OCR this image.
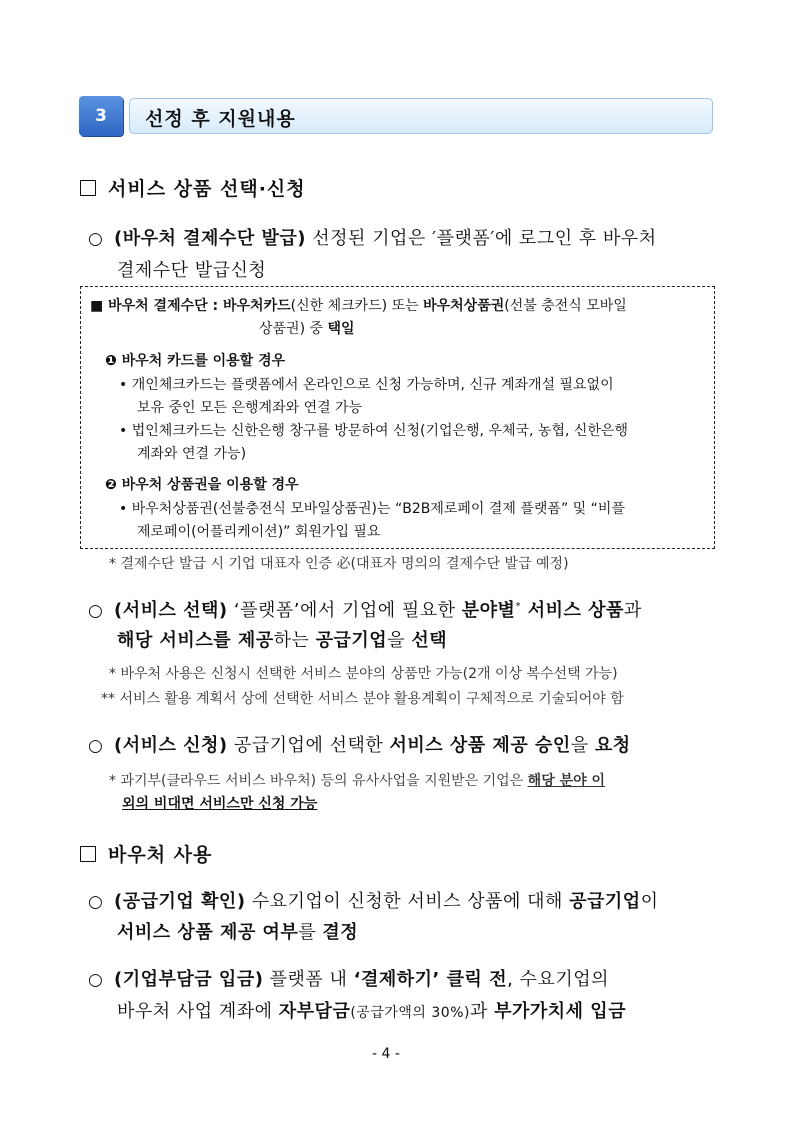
3 선정 후 지원내용
서비스 상품 선택·신청
○ (바우처 결제수단 발급) 선정된 기업은 ′플랫폼′에 로그인 후 바우처
결제수단 발급신청
■ 바우처 결제수단 : 바우처카드(신한 체크카드) 또는 바우처상품권(선불 충전식 모바일
상품권) 중 택일
❶ 바우처 카드를 이용할 경우
• 개인체크카드는 플랫폼에서 온라인으로 신청 가능하며, 신규 계좌개설 필요없이
보유 중인 모든 은행계좌와 연결 가능
• 법인체크카드는 신한은행 창구를 방문하여 신청(기업은행, 우체국, 농협, 신한은행
계좌와 연결 가능)
❷ 바우처 상품권을 이용할 경우
• 바우처상품권(선불충전식 모바일상품권)는 “B2B제로페이 결제 플랫폼” 및 “비플
제로페이(어플리케이션)” 회원가입 필요
* 결제수단 발급 시 기업 대표자 인증 必(대표자 명의의 결제수단 발급 예정)
○ (서비스 선택) ‘플랫폼’에서 기업에 필요한 분야별* 서비스 상품과
해당 서비스를 제공하는 공급기업을 선택
* 바우처 사용은 신청시 선택한 서비스 분야의 상품만 가능(2개 이상 복수선택 가능)
** 서비스 활용 계획서 상에 선택한 서비스 분야 활용계획이 구체적으로 기술되어야 함
○ (서비스 신청) 공급기업에 선택한 서비스 상품 제공 승인을 요청
* 과기부(클라우드 서비스 바우처) 등의 유사사업을 지원받은 기업은 해당 분야 이
외의 비대면 서비스만 신청 가능
바우처 사용
○ (공급기업 확인) 수요기업이 신청한 서비스 상품에 대해 공급기업이
서비스 상품 제공 여부를 결정
○ (기업부담금 입금) 플랫폼 내 ‘결제하기’ 클릭 전, 수요기업의
바우처 사업 계좌에 자부담금(공급가액의 30%)과 부가가치세 입금
- 4 -
